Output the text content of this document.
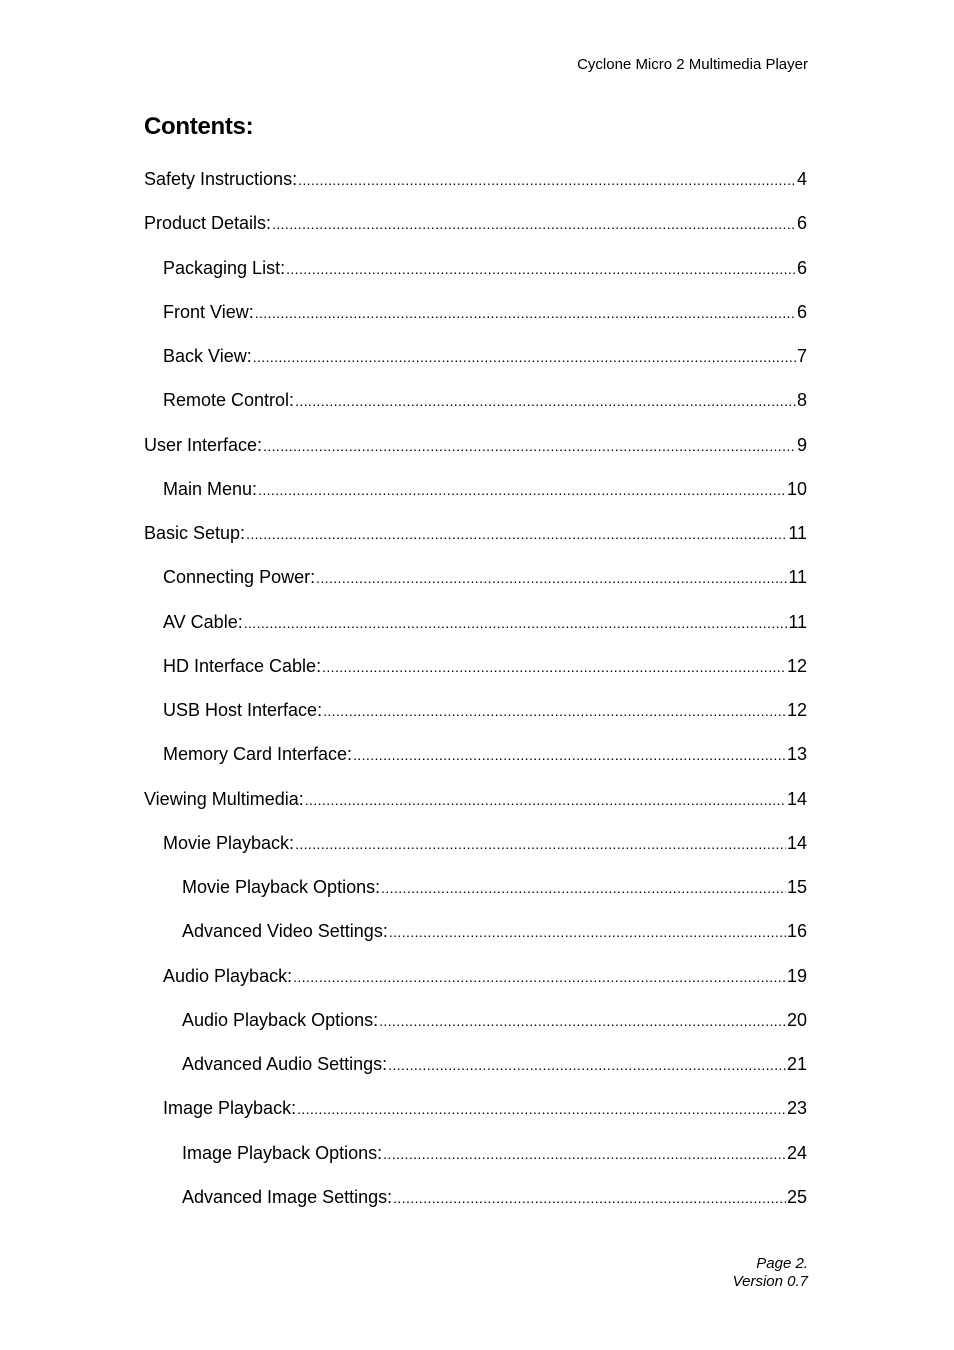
Cyclone Micro 2 Multimedia Player
Contents:
Safety Instructions: .....	4
Product Details: .....	6
Packaging List: .....	6
Front View: .....	6
Back View: .....	7
Remote Control: .....	8
User Interface: .....	9
Main Menu: .....	10
Basic Setup: .....	11
Connecting Power: .....	11
AV Cable: .....	11
HD Interface Cable: .....	12
USB Host Interface: .....	12
Memory Card Interface: .....	13
Viewing Multimedia: .....	14
Movie Playback: .....	14
Movie Playback Options: .....	15
Advanced Video Settings: .....	16
Audio Playback: .....	19
Audio Playback Options: .....	20
Advanced Audio Settings: .....	21
Image Playback: .....	23
Image Playback Options: .....	24
Advanced Image Settings: .....	25
Page 2.
Version 0.7
